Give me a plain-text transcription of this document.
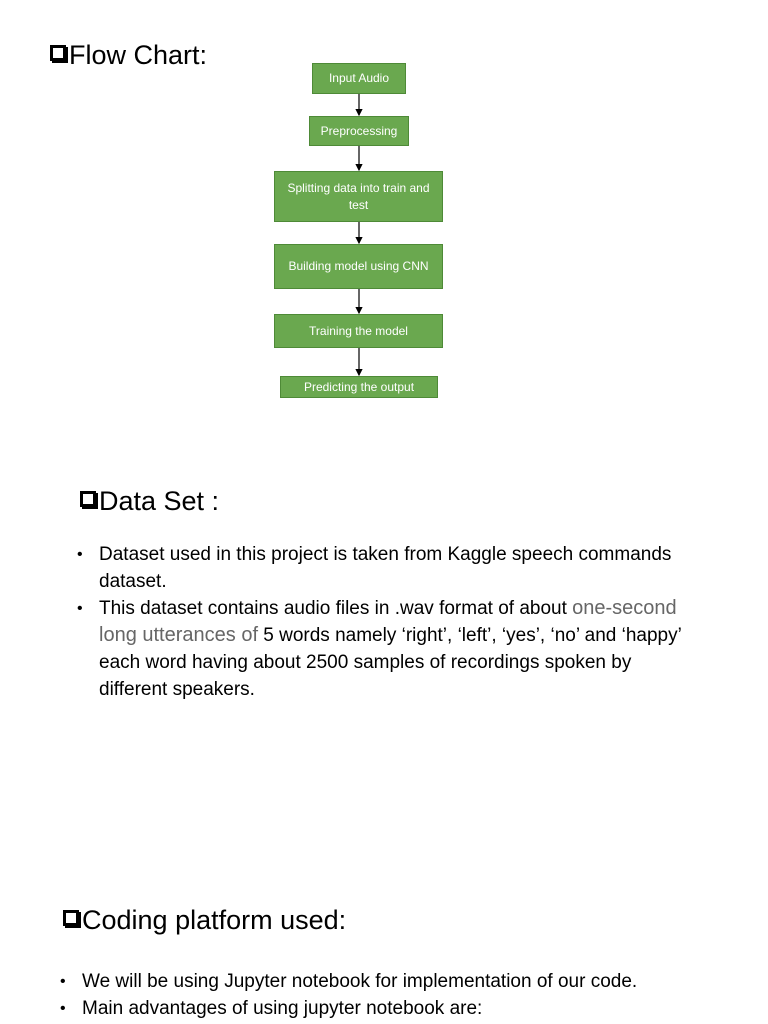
Flow Chart:
Input Audio
Preprocessing
Splitting data into train and test
Building model using CNN
Training the model
Predicting the output
Data Set :
• Dataset used in this project is taken from Kaggle speech commands dataset.
• This dataset contains audio files in .wav format of about one-second long utterances of 5 words namely ‘right’, ‘left’, ‘yes’, ‘no’ and ‘happy’ each word having about 2500 samples of recordings spoken by different speakers.
Coding platform used:
• We will be using Jupyter notebook for implementation of our code.
• Main advantages of using jupyter notebook are:
